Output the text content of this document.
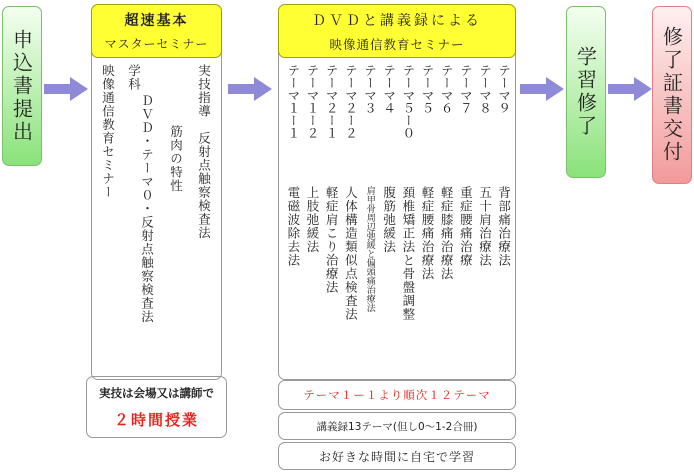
申込書提出
超速基本
マスターセミナー
映像通信教育セミナー 学科
ＤＶＤ・テーマ０・反射点触察検査法 筋肉の特性 実技指導　反射点触察検査法
実技は会場又は講師で
２時間授業
ＤＶＤと講義録による
映像通信教育セミナー
テーマ１ー１
電磁波除去法
テーマ１ー２
上肢弛緩法
テーマ２ー１
軽症肩こり治療法
テーマ２ー２
人体構造類似点検査法
テーマ３
肩甲骨周辺弛緩と偏頭痛治療法
テーマ４
腹筋弛緩法
テーマ５ー０
頚椎矯正法と骨盤調整
テーマ５
軽症腰痛治療法
テーマ６
軽症膝痛治療法
テーマ７
重症腰痛治療
テーマ８
五十肩治療法
テーマ９
背部痛治療法
テーマ１ー１より順次１２テーマ
講義録13テーマ(但し0～1-2合冊)
お好きな時間に自宅で学習
学習修了	修了証書交付
